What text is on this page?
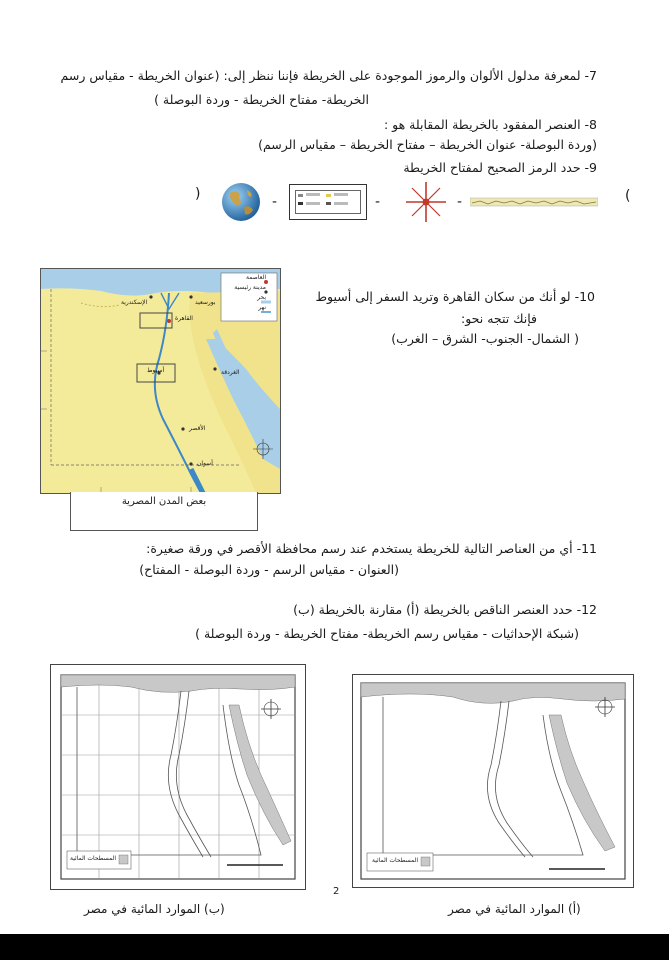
7- لمعرفة مدلول الألوان والرموز الموجودة على الخريطة فإننا ننظر إلى: (عنوان الخريطة - مقياس رسم
الخريطة- مفتاح الخريطة - وردة البوصلة )
8- العنصر المفقود بالخريطة المقابلة هو :
(وردة البوصلة- عنوان الخريطة – مفتاح الخريطة – مقياس الرسم)
9- حدد الرمز الصحيح لمفتاح الخريطة
)	-	-	-	(
العاصمة
مدينة رئيسية
بحر
نهر
القاهرة
أسيوط
الأقصر
أسوان
الإسكندرية	بورسعيد
الغردقة
بعض المدن المصرية
10- لو أنك من سكان القاهرة وتريد السفر إلى أسيوط
فإنك تتجه نحو:
( الشمال- الجنوب- الشرق – الغرب)
11- أي من العناصر التالية للخريطة يستخدم عند رسم محافظة الأقصر في ورقة صغيرة:
(العنوان - مقياس الرسم - وردة البوصلة - المفتاح)
12- حدد العنصر الناقص بالخريطة (أ) مقارنة بالخريطة (ب)
(شبكة الإحداثيات - مقياس رسم الخريطة- مفتاح الخريطة - وردة البوصلة )
المسطحات المائية	المسطحات المائية
2
(ب) الموارد المائية في مصر	(أ) الموارد المائية في مصر
